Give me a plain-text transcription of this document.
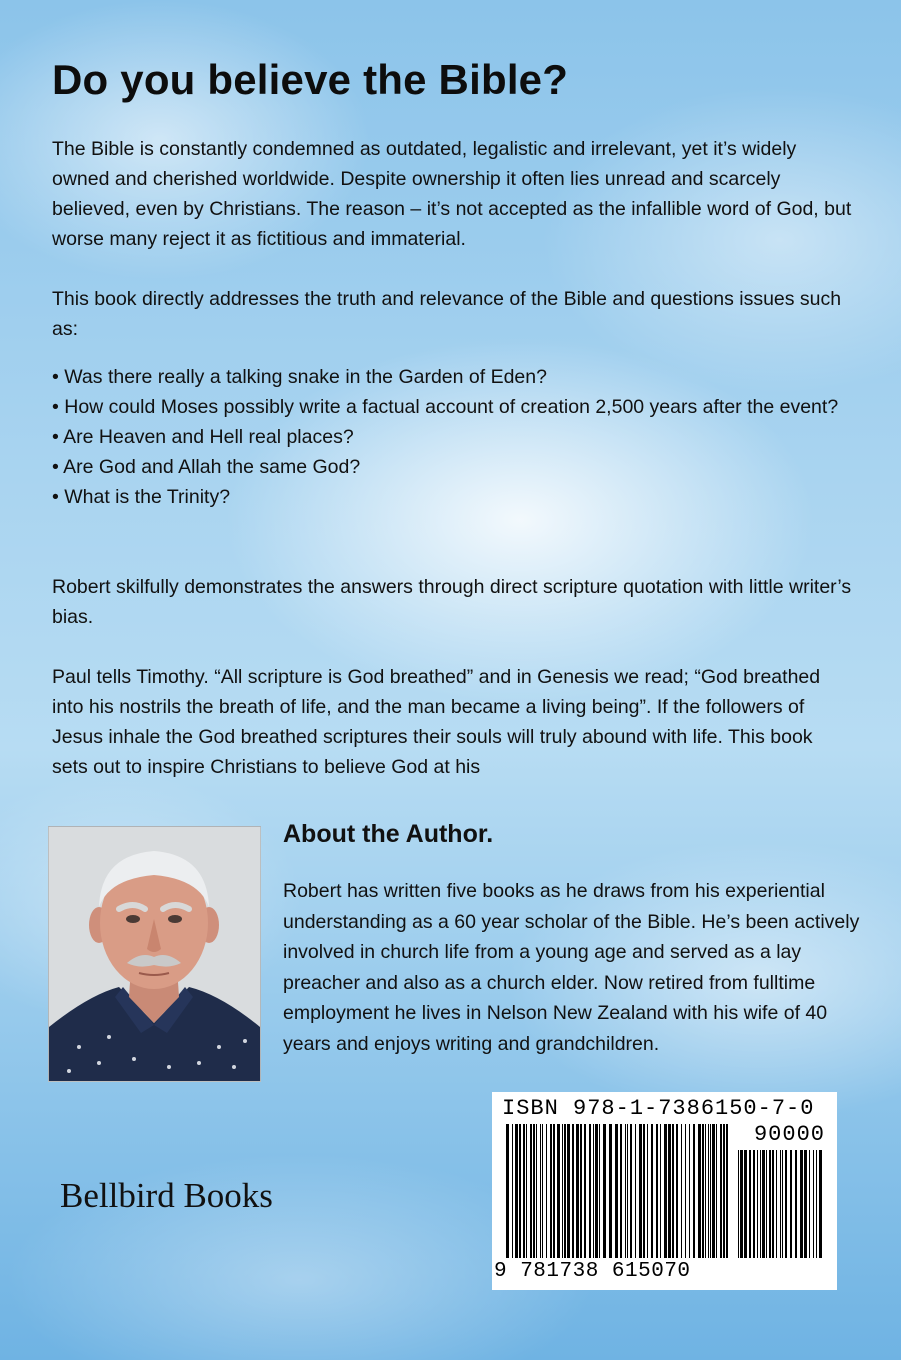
Do you believe the Bible?

The Bible is constantly condemned as outdated, legalistic and irrelevant, yet it’s widely owned and cherished worldwide. Despite ownership it often lies unread and scarcely believed, even by Christians. The reason – it’s not accepted as the infallible word of God, but worse many reject it as fictitious and immaterial.

This book directly addresses the truth and relevance of the Bible and questions issues such as:

• Was there really a talking snake in the Garden of Eden?
• How could Moses possibly write a factual account of creation 2,500 years after the event?
• Are Heaven and Hell real places?
• Are God and Allah the same God?
• What is the Trinity?

Robert skilfully demonstrates the answers through direct scripture quotation with little writer’s bias.

Paul tells Timothy. “All scripture is God breathed” and in Genesis we read; “God breathed into his nostrils the breath of life, and the man became a living being”. If the followers of Jesus inhale the God breathed scriptures their souls will truly abound with life. This book sets out to inspire Christians to believe God at his

About the Author.

Robert has written five books as he draws from his experiential understanding as a 60 year scholar of the Bible. He’s been actively involved in church life from a young age and served as a lay preacher and also as a church elder. Now retired from fulltime employment he lives in Nelson New Zealand with his wife of 40 years and enjoys writing and grandchildren.

Bellbird Books

ISBN 978-1-7386150-7-0

90000

9 781738 615070
